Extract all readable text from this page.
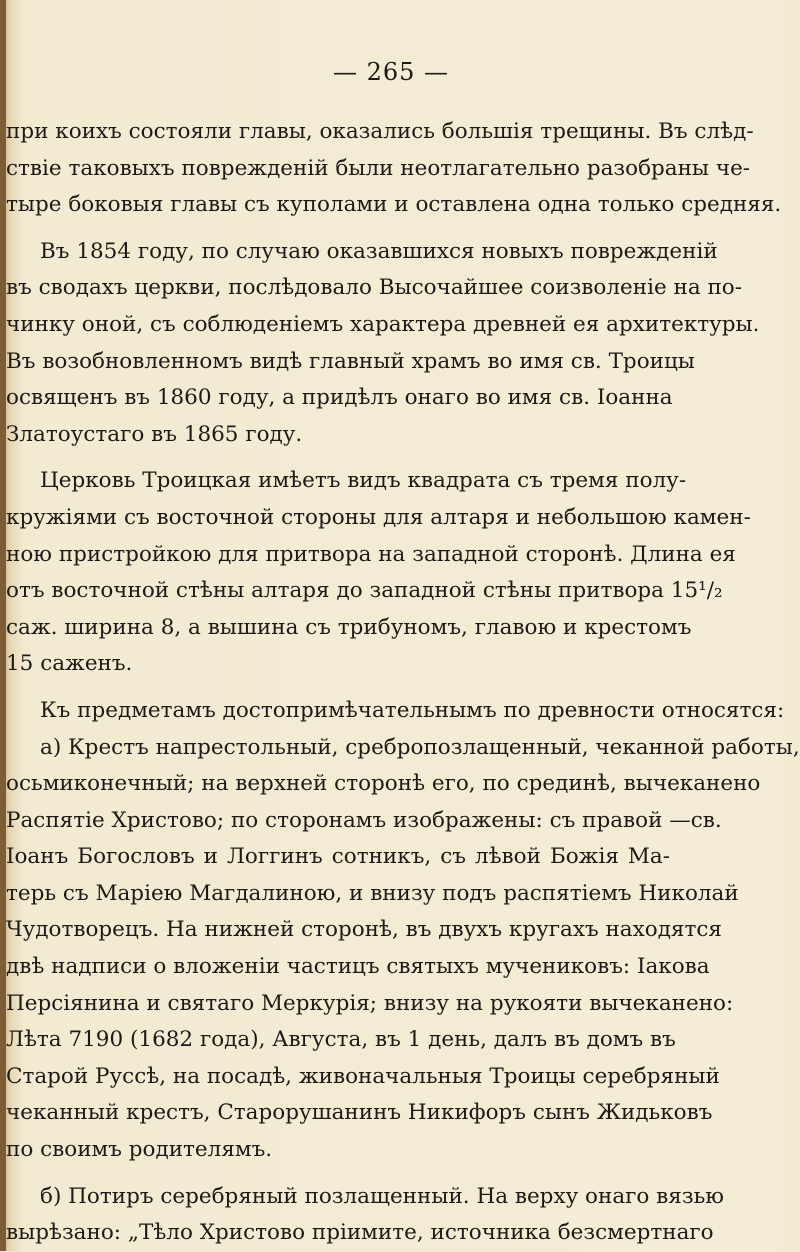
— 265 —
при коихъ состояли главы, оказались большія трещины. Въ слѣд-
ствіе таковыхъ поврежденій были неотлагательно разобраны че-
тыре боковыя главы съ куполами и оставлена одна только средняя.
Въ 1854 году, по случаю оказавшихся новыхъ поврежденій
въ сводахъ церкви, послѣдовало Высочайшее соизволеніе на по-
чинку оной, съ соблюденіемъ характера древней ея архитектуры.
Въ возобновленномъ видѣ главный храмъ во имя св. Троицы
освященъ въ 1860 году, а придѣлъ онаго во имя св. Іоанна
Златоустаго въ 1865 году.
Церковь Троицкая имѣетъ видъ квадрата съ тремя полу-
кружіями съ восточной стороны для алтаря и небольшою камен-
ною пристройкою для притвора на западной сторонѣ. Длина ея
отъ восточной стѣны алтаря до западной стѣны притвора 15¹/₂
саж. ширина 8, а вышина съ трибуномъ, главою и крестомъ
15 саженъ.
Къ предметамъ достопримѣчательнымъ по древности относятся:
а) Крестъ напрестольный, сребропозлащенный, чеканной работы,
осьмиконечный; на верхней сторонѣ его, по срединѣ, вычеканено
Распятіе Христово; по сторонамъ изображены: съ правой —св.
Іоанъ Богословъ и Логгинъ сотникъ, съ лѣвой Божія Ма-
терь съ Маріею Магдалиною, и внизу подъ распятіемъ Николай
Чудотворецъ. На нижней сторонѣ, въ двухъ кругахъ находятся
двѣ надписи о вложеніи частицъ святыхъ мучениковъ: Іакова
Персіянина и святаго Меркурія; внизу на рукояти вычеканено:
Лѣта 7190 (1682 года), Августа, въ 1 день, далъ въ домъ въ
Старой Руссѣ, на посадѣ, живоначальныя Троицы серебряный
чеканный крестъ, Старорушанинъ Никифоръ сынъ Жидьковъ
по своимъ родителямъ.
б) Потиръ серебряный позлащенный. На верху онаго вязью
вырѣзано: „Тѣло Христово пріимите, источника безсмертнаго
